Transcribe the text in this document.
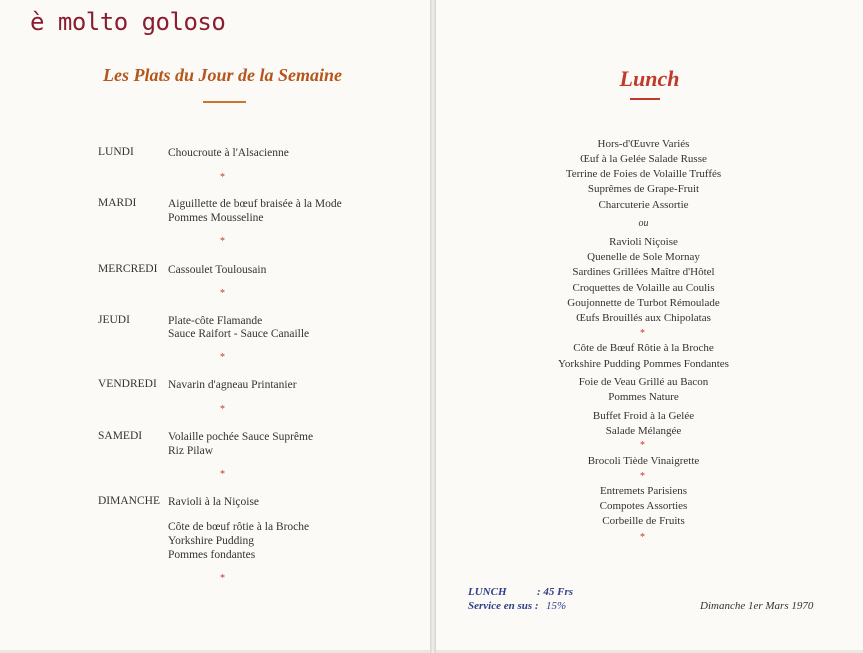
è molto goloso
Les Plats du Jour de la Semaine	Lunch
LUNDI	Choucroute à l'Alsacienne
*
MARDI	Aiguillette de bœuf braisée à la Mode
Pommes Mousseline
*
MERCREDI Cassoulet Toulousain
*
JEUDI	Plate-côte Flamande
Sauce Raifort - Sauce Canaille
*
VENDREDI Navarin d'agneau Printanier
*
SAMEDI Volaille pochée Sauce Suprême
Riz Pilaw
*
DIMANCHE Ravioli à la Niçoise
Côte de bœuf rôtie à la Broche
Yorkshire Pudding
Pommes fondantes
*
Hors-d'Œuvre Variés
Œuf à la Gelée Salade Russe
Terrine de Foies de Volaille Truffés
Suprêmes de Grape-Fruit
Charcuterie Assortie
ou
Ravioli Niçoise
Quenelle de Sole Mornay
Sardines Grillées Maître d'Hôtel
Croquettes de Volaille au Coulis
Goujonnette de Turbot Rémoulade
Œufs Brouillés aux Chipolatas
*
Côte de Bœuf Rôtie à la Broche
Yorkshire Pudding Pommes Fondantes
Foie de Veau Grillé au Bacon
Pommes Nature
Buffet Froid à la Gelée
Salade Mélangée
*
Brocoli Tiède Vinaigrette
*
Entremets Parisiens
Compotes Assorties
Corbeille de Fruits
*
LUNCH	: 45 Frs
Service en sus : 15%	Dimanche 1er Mars 1970
